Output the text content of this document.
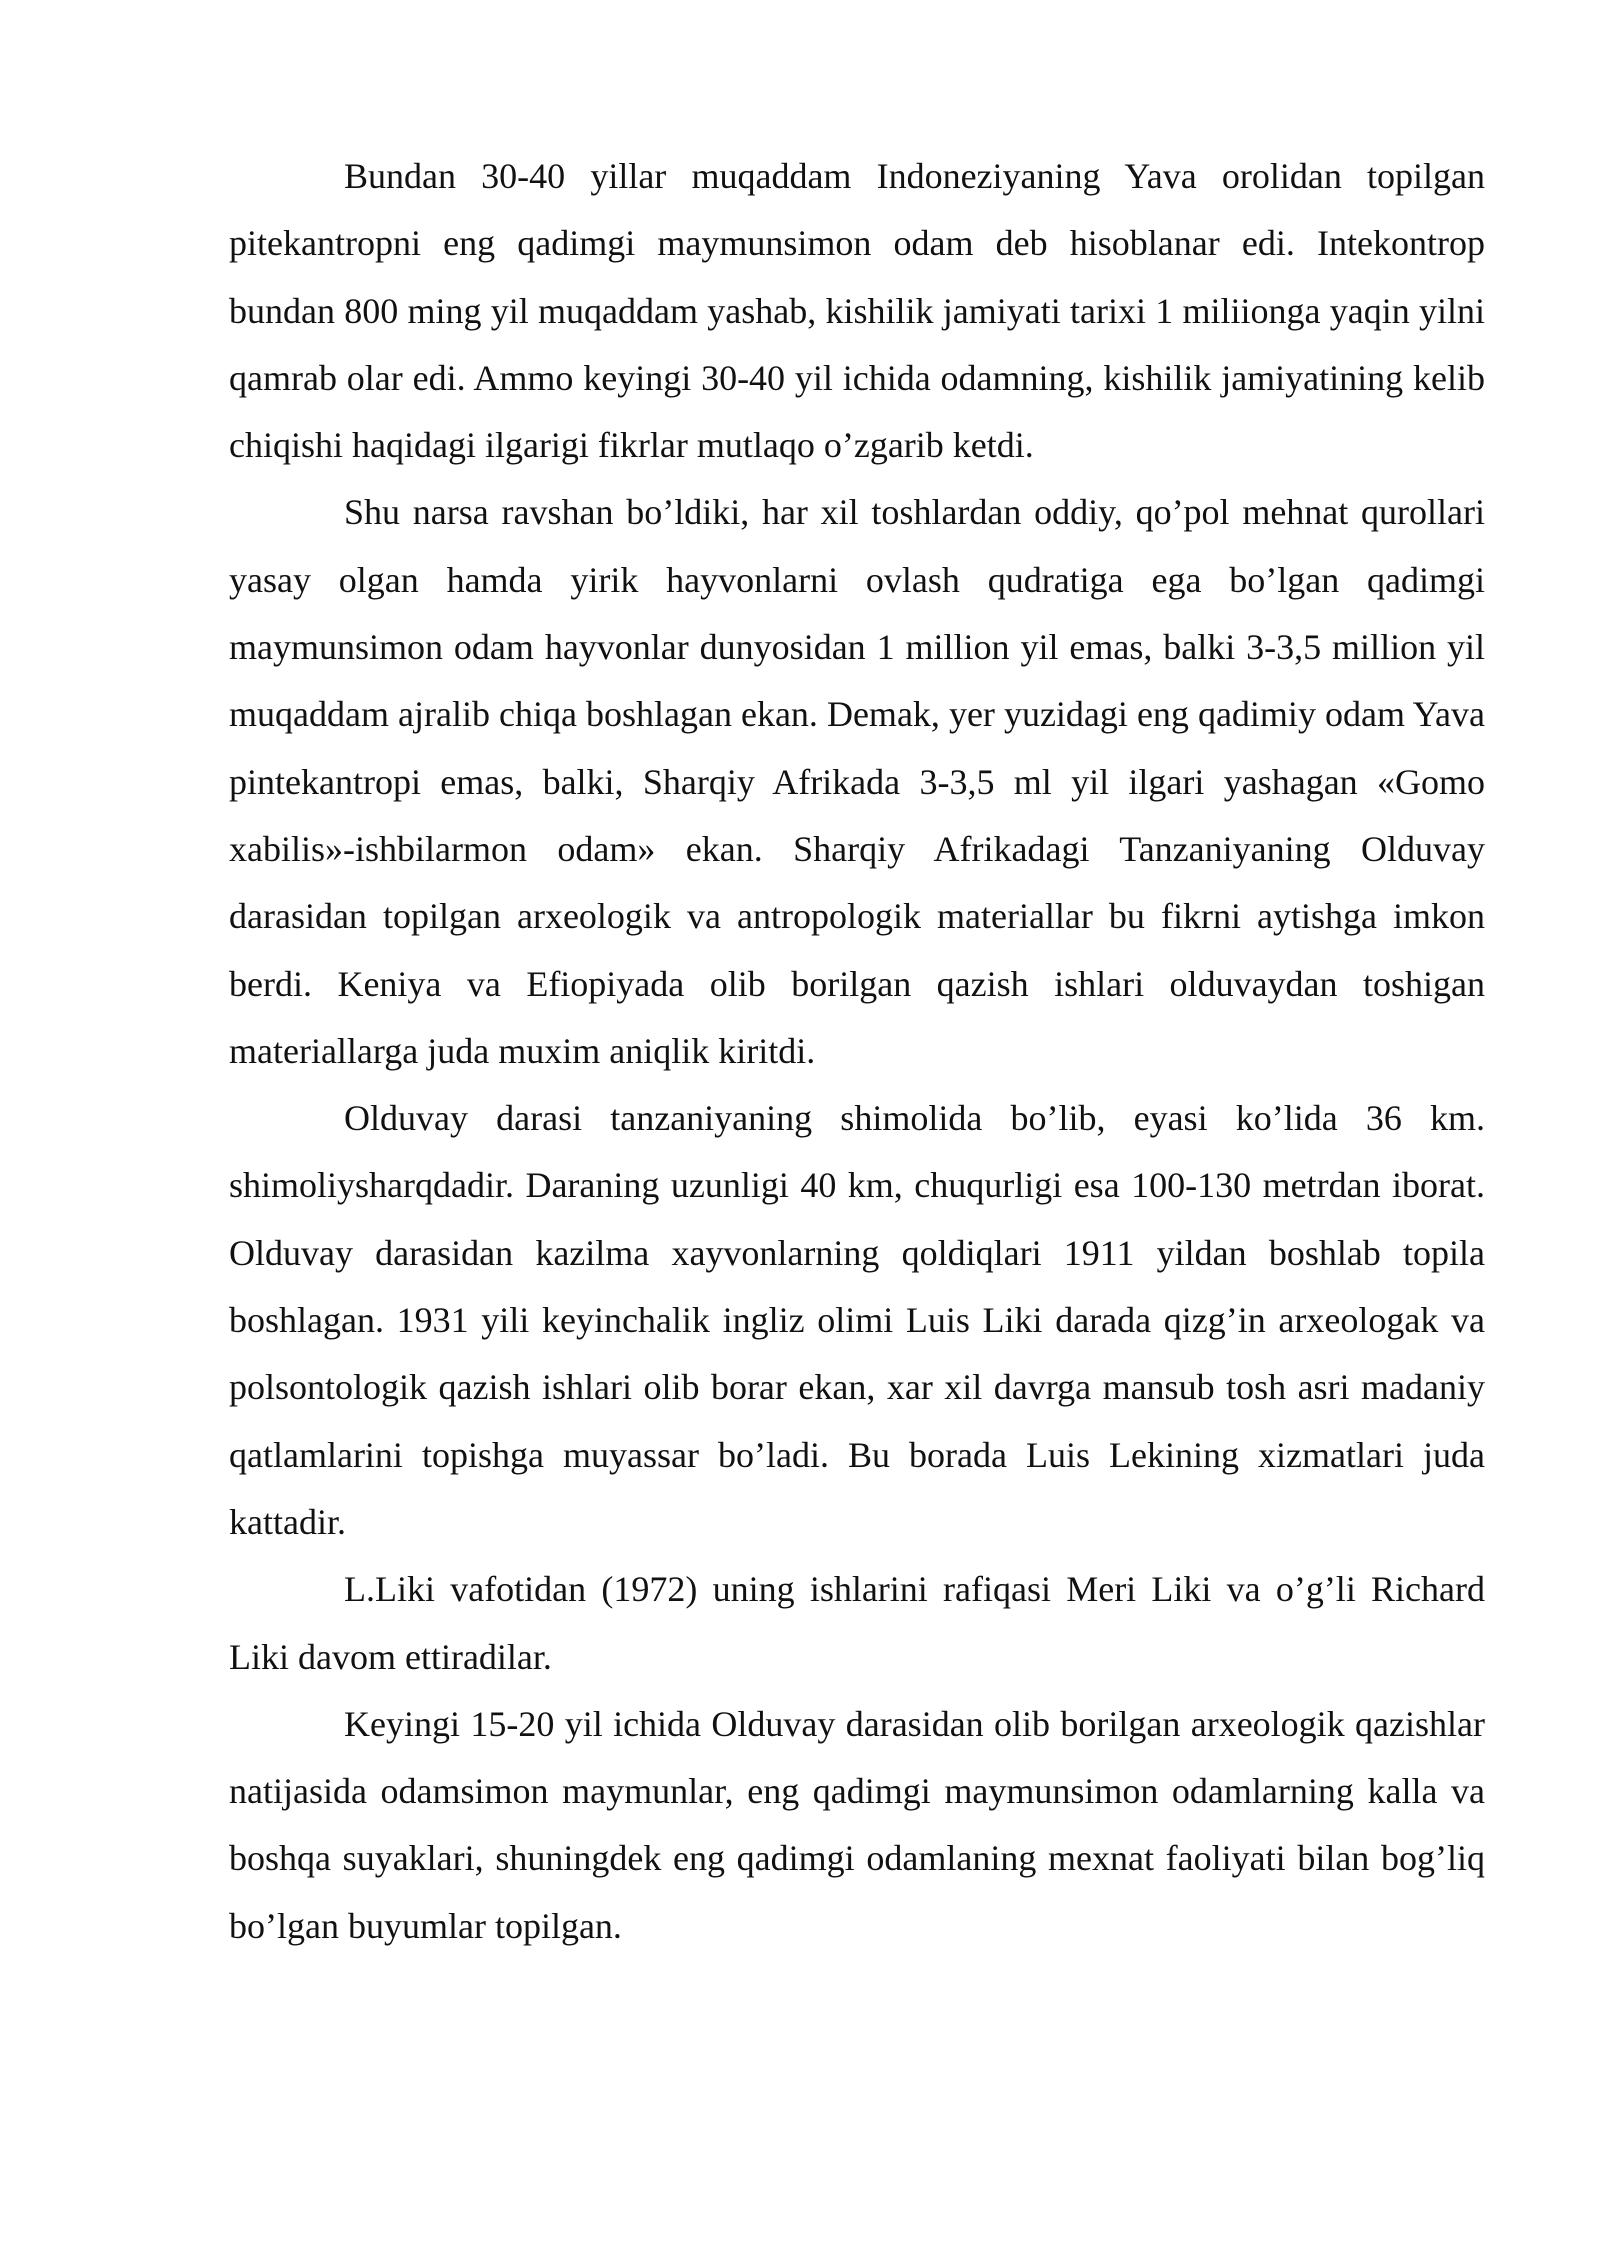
Bundan 30-40 yillar muqaddam Indoneziyaning Yava orolidan topilgan pitekantropni eng qadimgi maymunsimon odam deb hisoblanar edi. Intekontrop bundan 800 ming yil muqaddam yashab, kishilik jamiyati tarixi 1 miliionga yaqin yilni qamrab olar edi. Ammo keyingi 30-40 yil ichida odamning, kishilik jamiyatining kelib chiqishi haqidagi ilgarigi fikrlar mutlaqo o’zgarib ketdi.

Shu narsa ravshan bo’ldiki, har xil toshlardan oddiy, qo’pol mehnat qurollari yasay olgan hamda yirik hayvonlarni ovlash qudratiga ega bo’lgan qadimgi maymunsimon odam hayvonlar dunyosidan 1 million yil emas, balki 3-3,5 million yil muqaddam ajralib chiqa boshlagan ekan. Demak, yer yuzidagi eng qadimiy odam Yava pintekantropi emas, balki, Sharqiy Afrikada 3-3,5 ml yil ilgari yashagan «Gomo xabilis»-ishbilarmon odam» ekan. Sharqiy Afrikadagi Tanzaniyaning Olduvay darasidan topilgan arxeologik va antropologik materiallar bu fikrni aytishga imkon berdi. Keniya va Efiopiyada olib borilgan qazish ishlari olduvaydan toshigan materiallarga juda muxim aniqlik kiritdi.

Olduvay darasi tanzaniyaning shimolida bo’lib, eyasi ko’lida 36 km. shimoliysharqdadir. Daraning uzunligi 40 km, chuqurligi esa 100-130 metrdan iborat. Olduvay darasidan kazilma xayvonlarning qoldiqlari 1911 yildan boshlab topila boshlagan. 1931 yili keyinchalik ingliz olimi Luis Liki darada qizg’in arxeologak va polsontologik qazish ishlari olib borar ekan, xar xil davrga mansub tosh asri madaniy qatlamlarini topishga muyassar bo’ladi. Bu borada Luis Lekining xizmatlari juda kattadir.

L.Liki vafotidan (1972) uning ishlarini rafiqasi Meri Liki va o’g’li Richard Liki davom ettiradilar.

Keyingi 15-20 yil ichida Olduvay darasidan olib borilgan arxeologik qazishlar natijasida odamsimon maymunlar, eng qadimgi maymunsimon odamlarning kalla va boshqa suyaklari, shuningdek eng qadimgi odamlaning mexnat faoliyati bilan bog’liq bo’lgan buyumlar topilgan.
